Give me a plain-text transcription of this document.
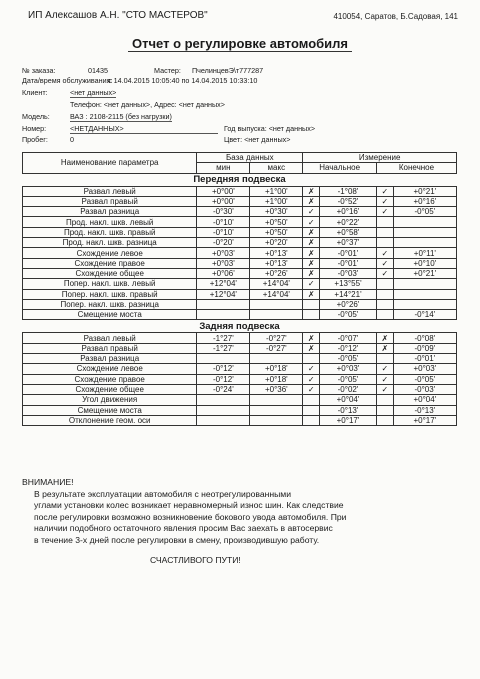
ИП Алексашов А.Н. "СТО МАСТЕРОВ"	410054, Саратов, Б.Садовая, 141
Отчет о регулировке автомобиля
№ заказа:	01435	Мастер: ПчелинцевЭ\т777287
Дата/время обслуживания:с 14.04.2015 10:05:40 по 14.04.2015 10:33:10
Клиент:	<нет данных>
Телефон: <нет данных>, Адрес: <нет данных>
Модель:	ВАЗ : 2108-2115 (без нагрузки)
Номер:	<НЕТДАННЫХ>	Год выпуска: <нет данных>
Пробег:	0	Цвет: <нет данных>
Наименование параметра	База данных		Измерение			
	мин	макс	Начальное		Конечное	
Передняя подвеска						
Развал левый	+0°00'	+1°00'	✗	-1°08'	✓	+0°21'
Развал правый	+0°00'	+1°00'	✗	-0°52'	✓	+0°16'
Развал разница	-0°30'	+0°30'	✓	+0°16'	✓	-0°05'
Прод. накл. шкв. левый	-0°10'	+0°50'	✓	+0°22'		
Прод. накл. шкв. правый	-0°10'	+0°50'	✗	+0°58'		
Прод. накл. шкв. разница	-0°20'	+0°20'	✗	+0°37'		
Схождение левое	+0°03'	+0°13'	✗	-0°01'	✓	+0°11'
Схождение правое	+0°03'	+0°13'	✗	-0°01'	✓	+0°10'
Схождение общее	+0°06'	+0°26'	✗	-0°03'	✓	+0°21'
Попер. накл. шкв. левый	+12°04'	+14°04'	✓	+13°55'		
Попер. накл. шкв. правый	+12°04'	+14°04'	✗	+14°21'		
Попер. накл. шкв. разница				+0°26'		
Смещение моста				-0°05'		-0°14'
Задняя подвеска						
Развал левый	-1°27'	-0°27'	✗	-0°07'	✗	-0°08'
Развал правый	-1°27'	-0°27'	✗	-0°12'	✗	-0°09'
Развал разница				-0°05'		-0°01'
Схождение левое	-0°12'	+0°18'	✓	+0°03'	✓	+0°03'
Схождение правое	-0°12'	+0°18'	✓	-0°05'	✓	-0°05'
Схождение общее	-0°24'	+0°36'	✓	-0°02'	✓	-0°03'
Угол движения				+0°04'		+0°04'
Смещение моста				-0°13'		-0°13'
Отклонение геом. оси				+0°17'		+0°17'
ВНИМАНИЕ!
В результате эксплуатации автомобиля с неотрегулированными
углами установки колес возникает неравномерный износ шин. Как следствие
после регулировки возможно возникновение бокового увода автомобиля. При
наличии подобного остаточного явления просим Вас заехать в автосервис
в течение 3-х дней после регулировки в смену, производившую работу.
СЧАСТЛИВОГО ПУТИ!
